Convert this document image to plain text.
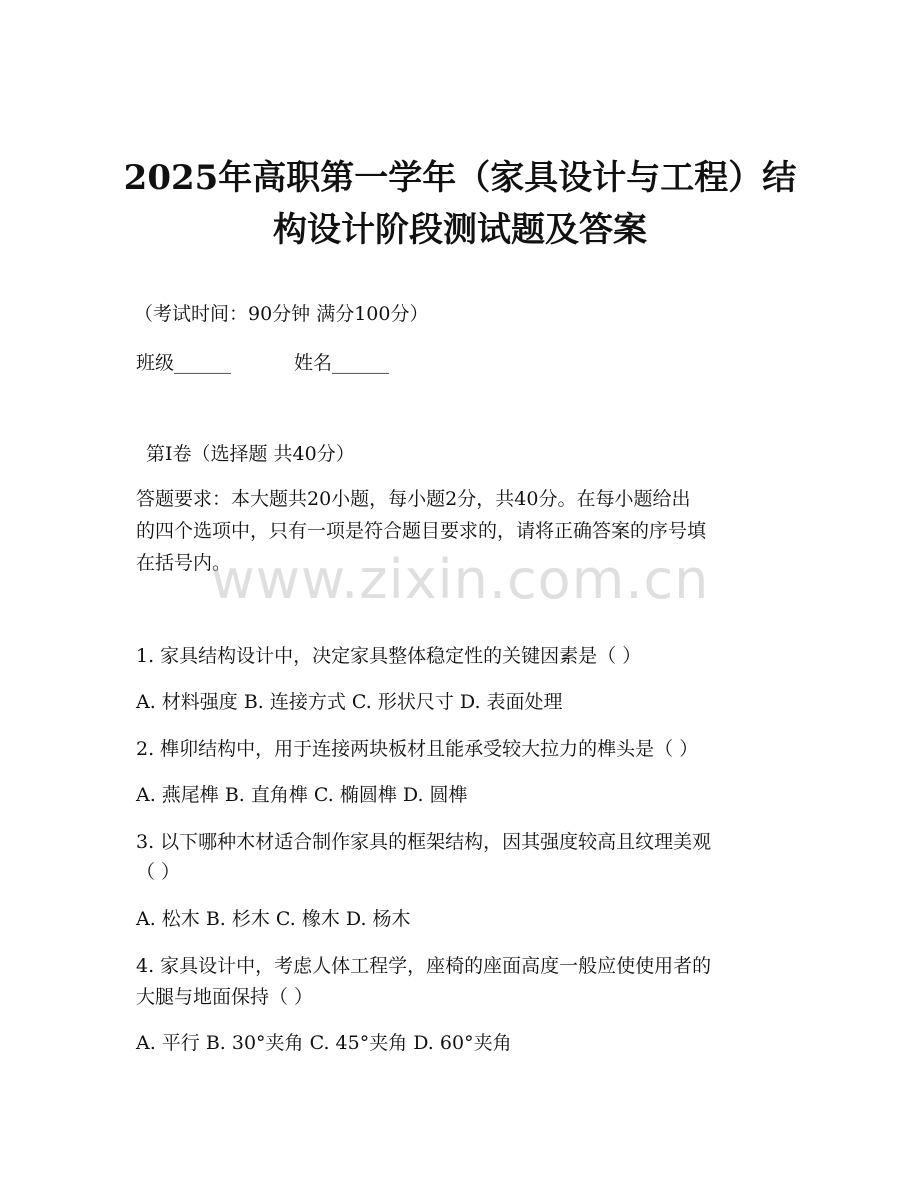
2025年高职第一学年（家具设计与工程）结
构设计阶段测试题及答案
（考试时间：90分钟 满分100分）
班级______	姓名______
第I卷（选择题 共40分）
答题要求：本大题共20小题，每小题2分，共40分。在每小题给出
的四个选项中，只有一项是符合题目要求的，请将正确答案的序号填
在括号内。
www.zixin.com.cn
1. 家具结构设计中，决定家具整体稳定性的关键因素是（ ）
A. 材料强度 B. 连接方式 C. 形状尺寸 D. 表面处理
2. 榫卯结构中，用于连接两块板材且能承受较大拉力的榫头是（ ）
A. 燕尾榫 B. 直角榫 C. 椭圆榫 D. 圆榫
3. 以下哪种木材适合制作家具的框架结构，因其强度较高且纹理美观
（ ）
A. 松木 B. 杉木 C. 橡木 D. 杨木
4. 家具设计中，考虑人体工程学，座椅的座面高度一般应使使用者的
大腿与地面保持（ ）
A. 平行 B. 30°夹角 C. 45°夹角 D. 60°夹角
